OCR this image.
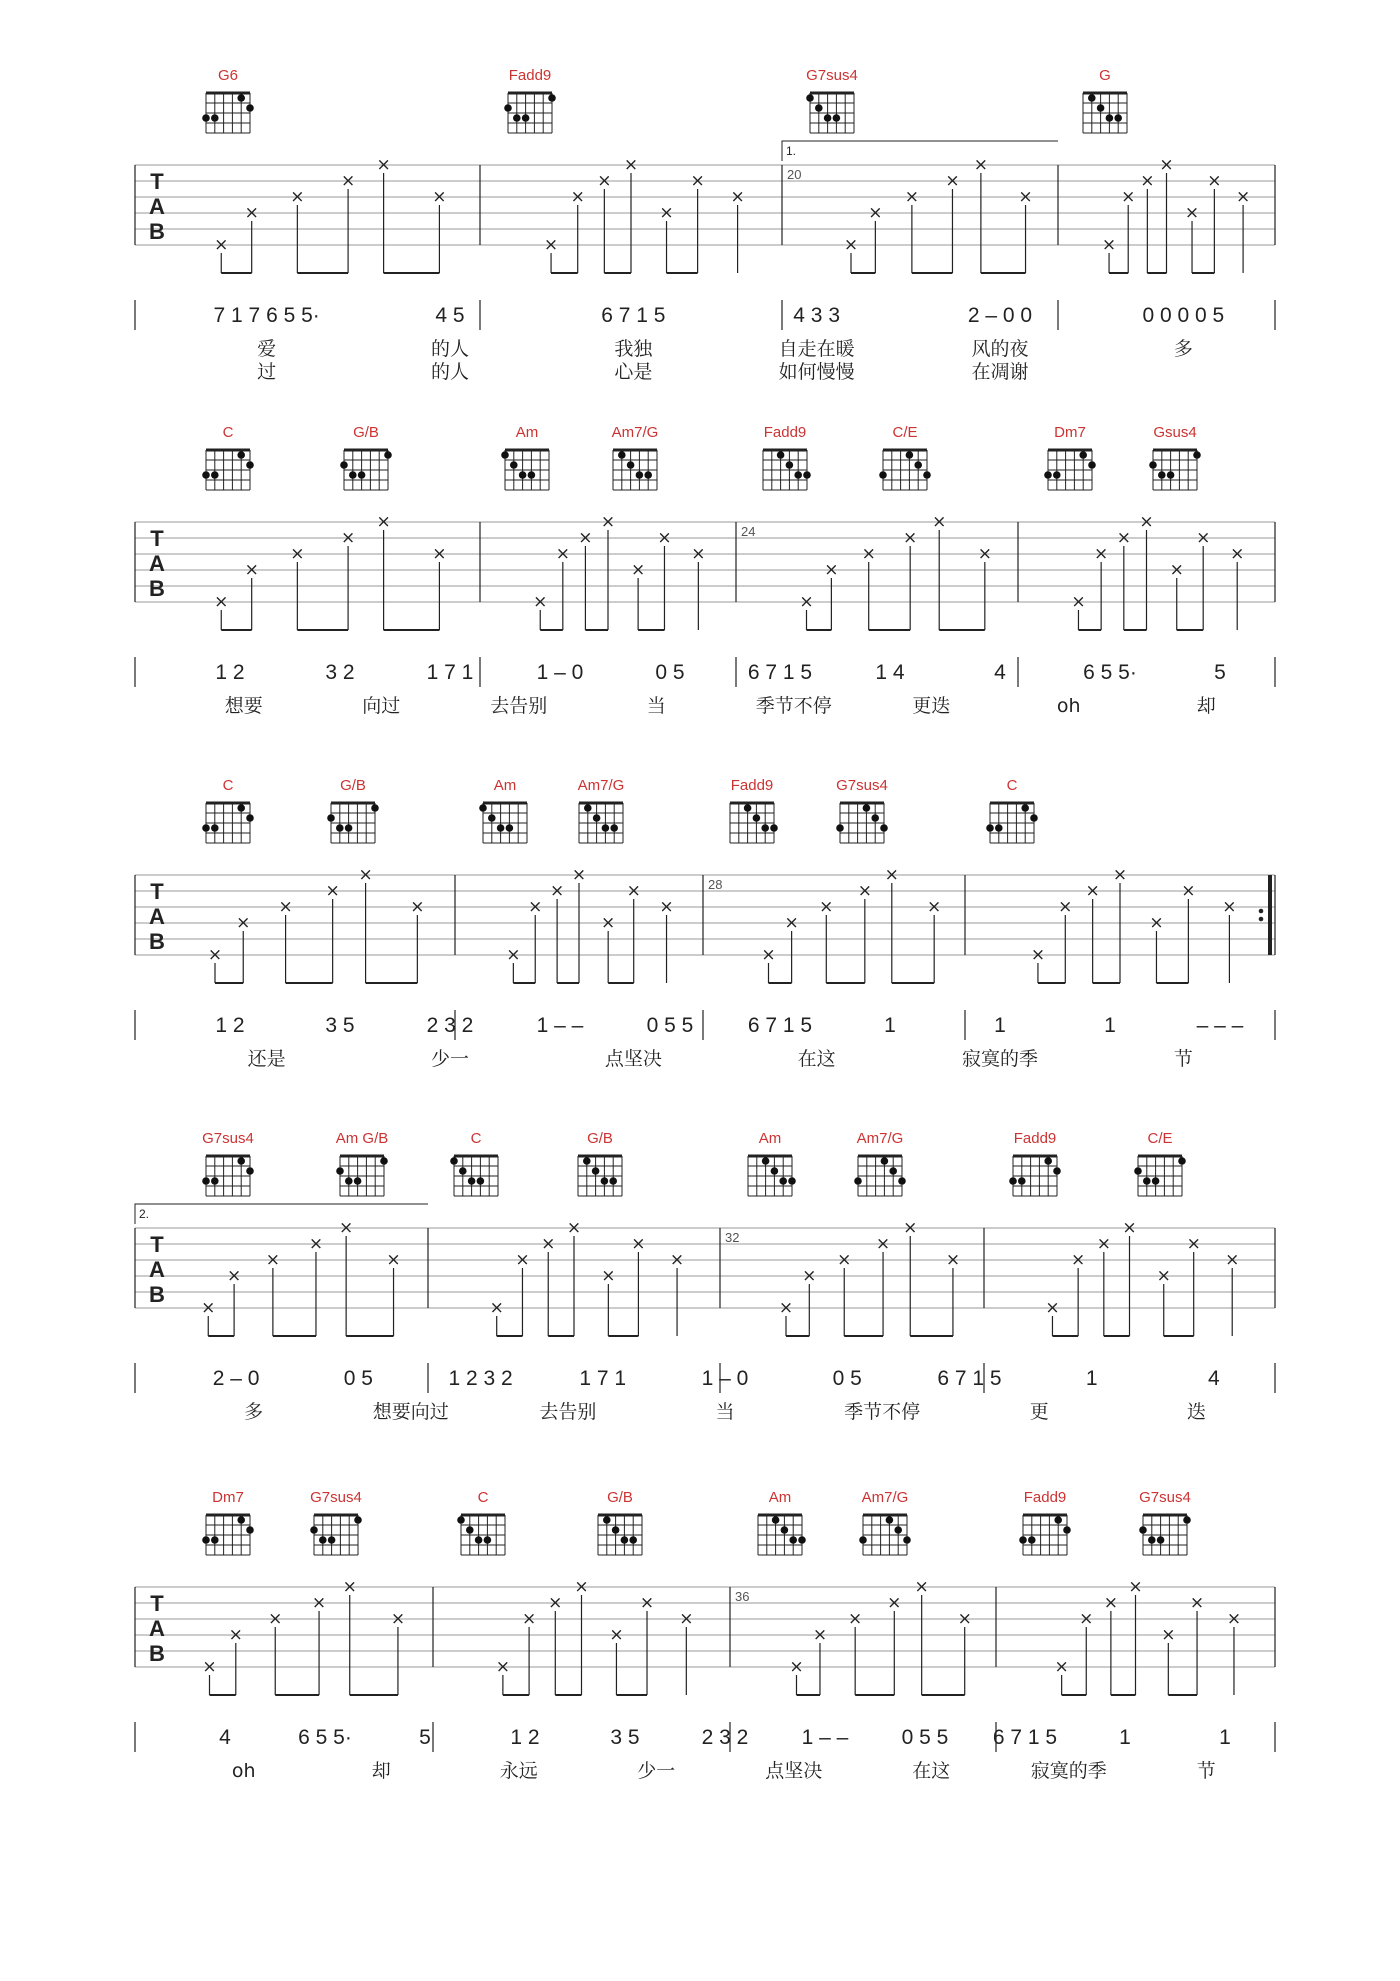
G6	Fadd9	G7sus4	G
1.
T
A
B
20
×
×
×
×
×
×
×
×
×
×
×
×
×
×
×
×
×
×
×
×
×
×
×
×
×
×
7 1 7 6 5 5·	4 5	6 7 1 5	4 3 3	2 – 0 0	0 0 0 0 5
爱	的人	我独	自走在暖	风的夜	多
过	的人	心是	如何慢慢	在凋谢
C	G/B	Am	Am7/G	Fadd9	C/E	Dm7	Gsus4
T
A
B
24
×
×
×
×
×
×
×
×
×
×
×
×
×
×
×
×
×
×
×
×
×
×
×
×
×
×
1 2	3 2	1 7 1	1 – 0	0 5	6 7 1 5	1 4	4	6 5 5·	5
想要	向过	去告别	当	季节不停	更迭	oh	却
C	G/B	Am	Am7/G	Fadd9	G7sus4	C
T
A
B
28
×
×
×
×
×
×
×
×
×
×
×
×
×
×
×
×
×
×
×
×
×
×
×
×
×
×
1 2	3 5	2 3 2	1 – –	0 5 5	6 7 1 5	1	1	1	– – –
还是	少一	点坚决	在这	寂寞的季	节
G7sus4	Am G/B	C	G/B	Am	Am7/G	Fadd9	C/E
2.
T
A
B
32
×
×
×
×
×
×
×
×
×
×
×
×
×
×
×
×
×
×
×
×
×
×
×
×
×
×
2 – 0	0 5	1 2 3 2	1 7 1	1 – 0	0 5	6 7 1 5	1	4
多	想要向过	去告别	当	季节不停	更	迭
Dm7	G7sus4	C	G/B	Am	Am7/G	Fadd9	G7sus4
T
A
B
36
×
×
×
×
×
×
×
×
×
×
×
×
×
×
×
×
×
×
×
×
×
×
×
×
×
×
4	6 5 5·	5	1 2	3 5	2 3 2	1 – –	0 5 5 6 7 1 5	1	1
oh	却	永远	少一	点坚决	在这	寂寞的季	节
